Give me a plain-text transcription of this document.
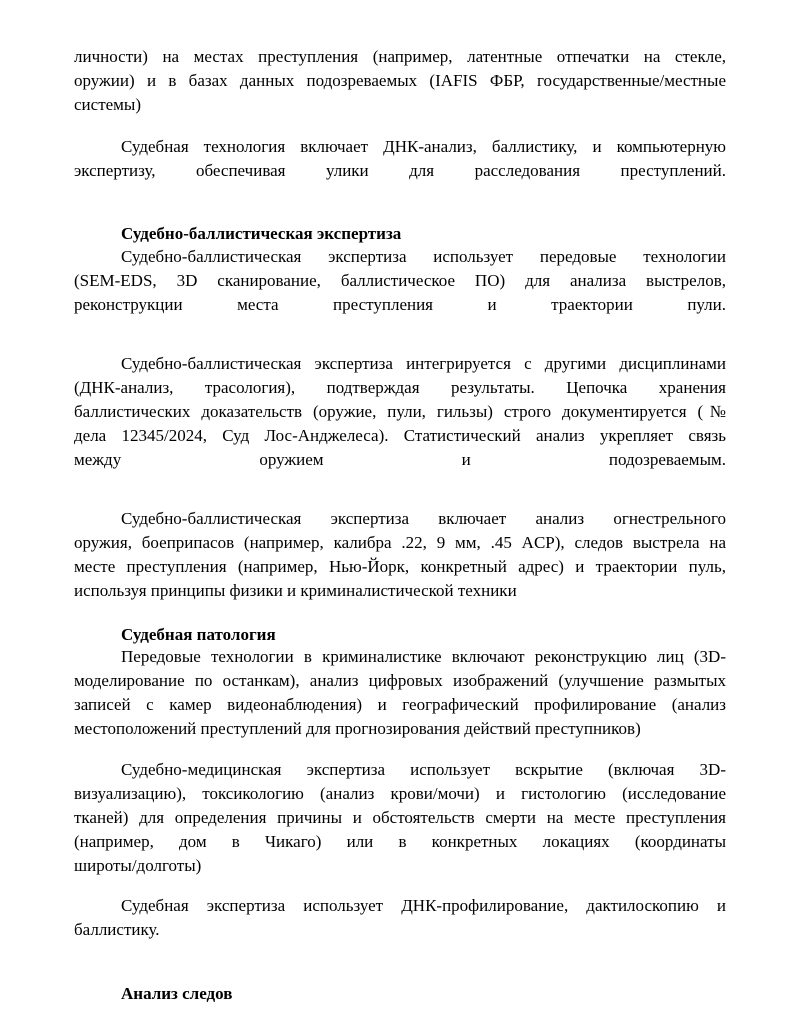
личности) на местах преступления (например, латентные отпечатки на стекле,
оружии) и в базах данных подозреваемых (IAFIS ФБР, государственные/местные
системы)
Судебная технология включает ДНК-анализ, баллистику, и компьютерную
экспертизу, обеспечивая улики для расследования преступлений.
Судебно-баллистическая экспертиза
Судебно-баллистическая экспертиза использует передовые технологии
(SEM-EDS, 3D сканирование, баллистическое ПО) для анализа выстрелов,
реконструкции места преступления и траектории пули.
Судебно-баллистическая экспертиза интегрируется с другими дисциплинами
(ДНК-анализ, трасология), подтверждая результаты. Цепочка хранения
баллистических доказательств (оружие, пули, гильзы) строго документируется (№
дела 12345/2024, Суд Лос-Анджелеса). Статистический анализ укрепляет связь
между оружием и подозреваемым.
Судебно-баллистическая экспертиза включает анализ огнестрельного
оружия, боеприпасов (например, калибра .22, 9 мм, .45 ACP), следов выстрела на
месте преступления (например, Нью-Йорк, конкретный адрес) и траектории пуль,
используя принципы физики и криминалистической техники
Судебная патология
Передовые технологии в криминалистике включают реконструкцию лиц (3D-
моделирование по останкам), анализ цифровых изображений (улучшение размытых
записей с камер видеонаблюдения) и географический профилирование (анализ
местоположений преступлений для прогнозирования действий преступников)
Судебно-медицинская экспертиза использует вскрытие (включая 3D-
визуализацию), токсикологию (анализ крови/мочи) и гистологию (исследование
тканей) для определения причины и обстоятельств смерти на месте преступления
(например, дом в Чикаго) или в конкретных локациях (координаты
широты/долготы)
Судебная экспертиза использует ДНК-профилирование, дактилоскопию и
баллистику.
Анализ следов
